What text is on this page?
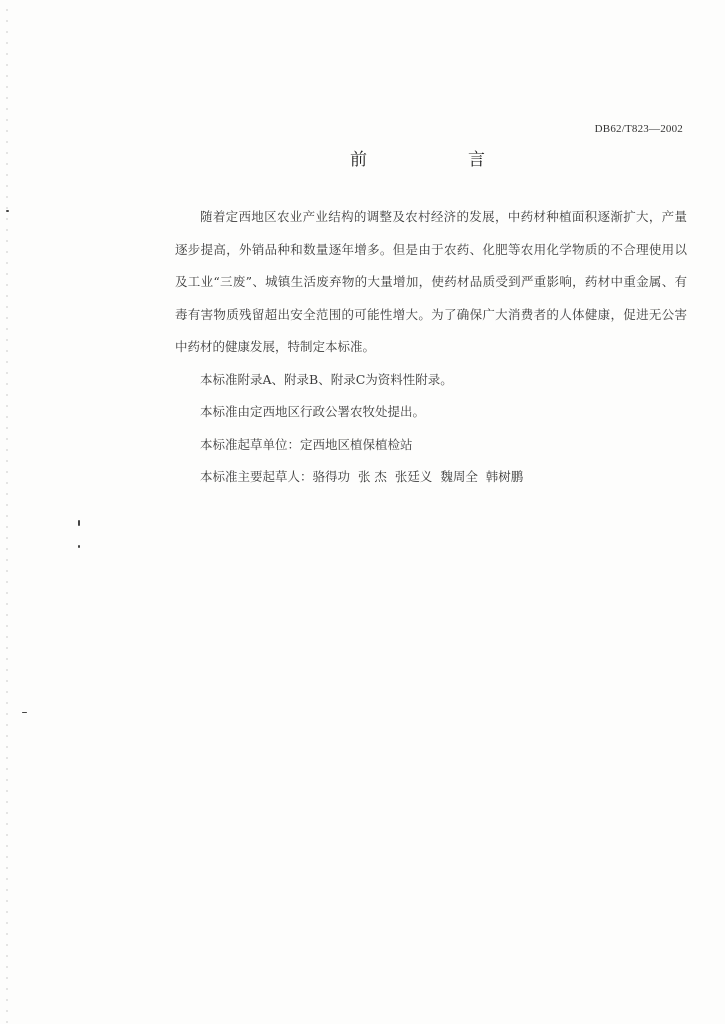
DB62/T823—2002
前	言

随着定西地区农业产业结构的调整及农村经济的发展，中药材种植面积逐渐扩大，产量逐步提高，外销品种和数量逐年增多。但是由于农药、化肥等农用化学物质的不合理使用以及工业“三废”、城镇生活废弃物的大量增加，使药材品质受到严重影响，药材中重金属、有毒有害物质残留超出安全范围的可能性增大。为了确保广大消费者的人体健康，促进无公害中药材的健康发展，特制定本标准。

本标准附录A、附录B、附录C为资料性附录。

本标准由定西地区行政公署农牧处提出。

本标准起草单位：定西地区植保植检站

本标准主要起草人：骆得功  张 杰  张廷义  魏周全  韩树鹏
